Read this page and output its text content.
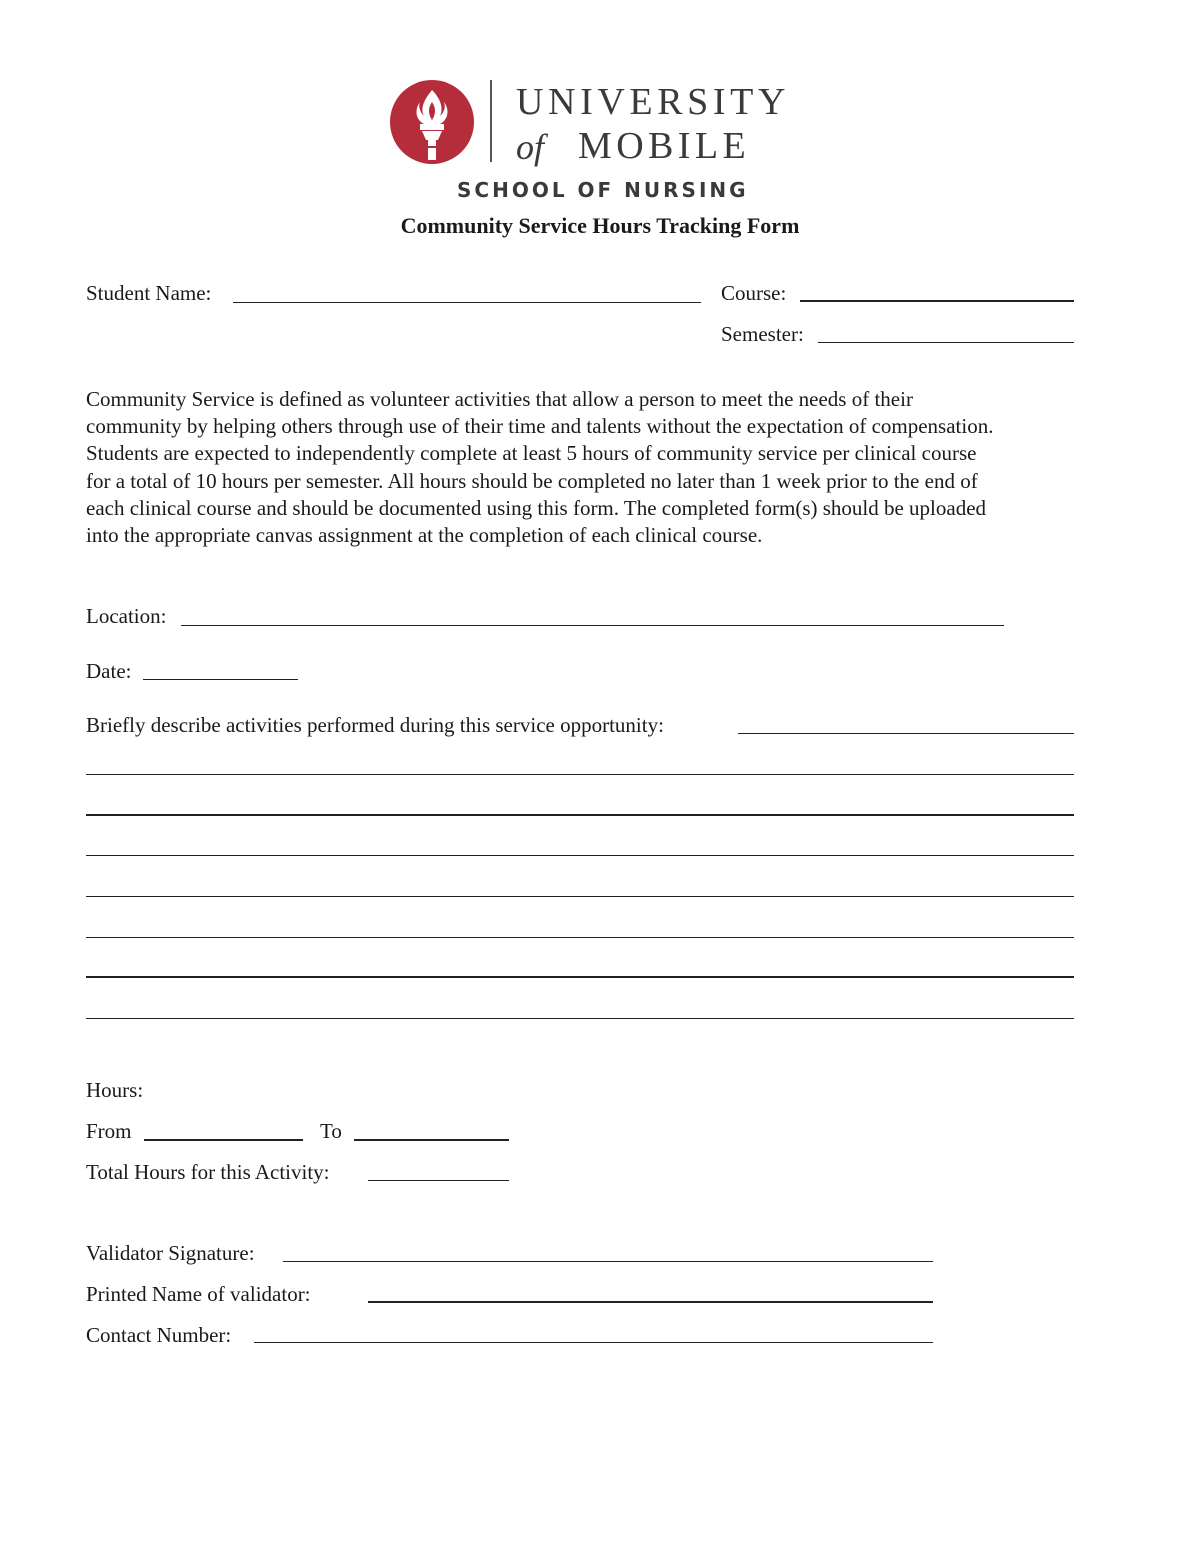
UNIVERSITY
of MOBILE
SCHOOL OF NURSING
Community Service Hours Tracking Form
Student Name:	Course:
Semester:
Community Service is defined as volunteer activities that allow a person to meet the needs of their
community by helping others through use of their time and talents without the expectation of compensation.
Students are expected to independently complete at least 5 hours of community service per clinical course
for a total of 10 hours per semester. All hours should be completed no later than 1 week prior to the end of
each clinical course and should be documented using this form. The completed form(s) should be uploaded
into the appropriate canvas assignment at the completion of each clinical course.
Location:
Date:
Briefly describe activities performed during this service opportunity:
Hours:
From	To
Total Hours for this Activity:
Validator Signature:
Printed Name of validator:
Contact Number:
